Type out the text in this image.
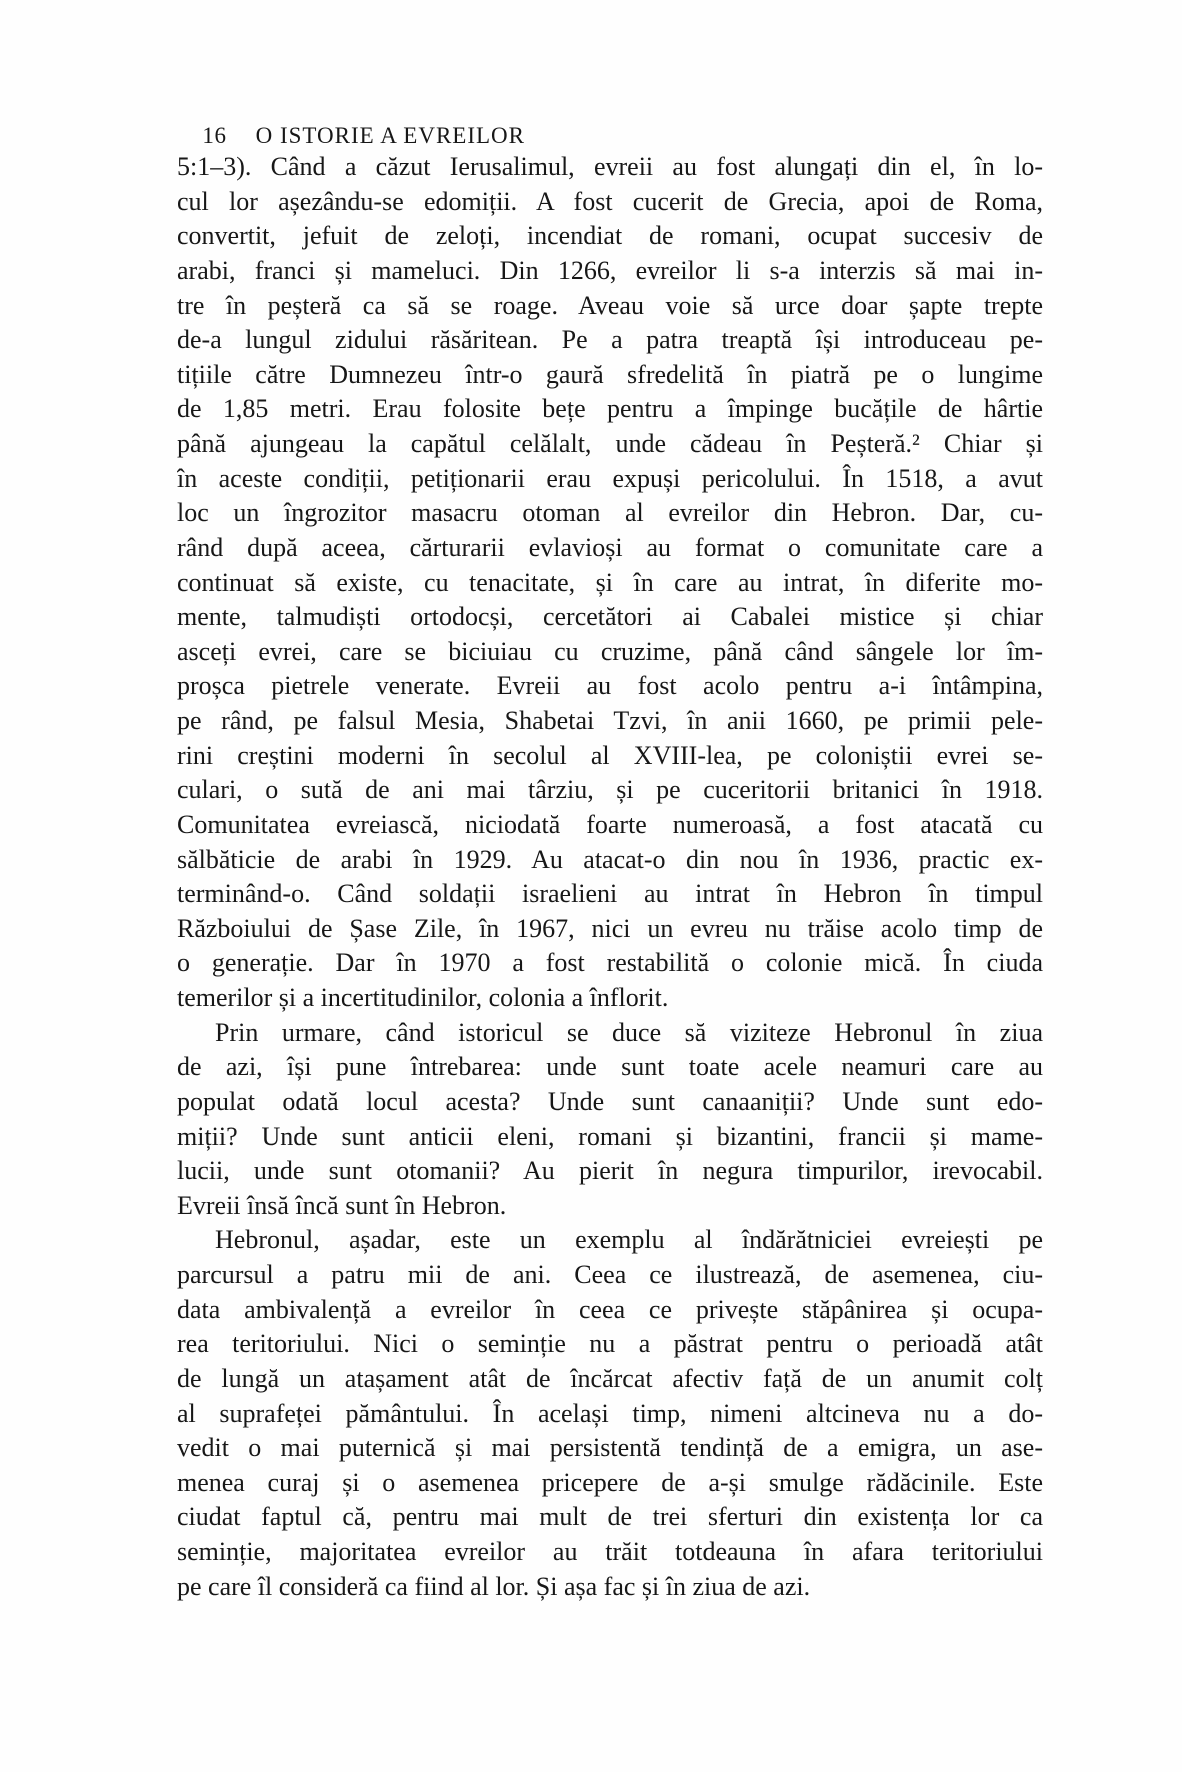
16 O ISTORIE A EVREILOR

5:1–3). Când a căzut Ierusalimul, evreii au fost alungați din el, în lo-
cul lor așezându-se edomiții. A fost cucerit de Grecia, apoi de Roma,
convertit, jefuit de zeloți, incendiat de romani, ocupat succesiv de
arabi, franci și mameluci. Din 1266, evreilor li s-a interzis să mai in-
tre în peșteră ca să se roage. Aveau voie să urce doar șapte trepte
de-a lungul zidului răsăritean. Pe a patra treaptă își introduceau pe-
tițiile către Dumnezeu într-o gaură sfredelită în piatră pe o lungime
de 1,85 metri. Erau folosite bețe pentru a împinge bucățile de hârtie
până ajungeau la capătul celălalt, unde cădeau în Peșteră.² Chiar și
în aceste condiții, petiționarii erau expuși pericolului. În 1518, a avut
loc un îngrozitor masacru otoman al evreilor din Hebron. Dar, cu-
rând după aceea, cărturarii evlavioși au format o comunitate care a
continuat să existe, cu tenacitate, și în care au intrat, în diferite mo-
mente, talmudiști ortodocși, cercetători ai Cabalei mistice și chiar
asceți evrei, care se biciuiau cu cruzime, până când sângele lor îm-
proșca pietrele venerate. Evreii au fost acolo pentru a-i întâmpina,
pe rând, pe falsul Mesia, Shabetai Tzvi, în anii 1660, pe primii pele-
rini creștini moderni în secolul al XVIII-lea, pe coloniștii evrei se-
culari, o sută de ani mai târziu, și pe cuceritorii britanici în 1918.
Comunitatea evreiască, niciodată foarte numeroasă, a fost atacată cu
sălbăticie de arabi în 1929. Au atacat-o din nou în 1936, practic ex-
terminând-o. Când soldații israelieni au intrat în Hebron în timpul
Războiului de Șase Zile, în 1967, nici un evreu nu trăise acolo timp de
o generație. Dar în 1970 a fost restabilită o colonie mică. În ciuda
temerilor și a incertitudinilor, colonia a înflorit.
Prin urmare, când istoricul se duce să viziteze Hebronul în ziua
de azi, își pune întrebarea: unde sunt toate acele neamuri care au
populat odată locul acesta? Unde sunt canaaniții? Unde sunt edo-
miții? Unde sunt anticii eleni, romani și bizantini, francii și mame-
lucii, unde sunt otomanii? Au pierit în negura timpurilor, irevocabil.
Evreii însă încă sunt în Hebron.
Hebronul, așadar, este un exemplu al îndărătniciei evreiești pe
parcursul a patru mii de ani. Ceea ce ilustrează, de asemenea, ciu-
data ambivalență a evreilor în ceea ce privește stăpânirea și ocupa-
rea teritoriului. Nici o seminție nu a păstrat pentru o perioadă atât
de lungă un atașament atât de încărcat afectiv față de un anumit colț
al suprafeței pământului. În același timp, nimeni altcineva nu a do-
vedit o mai puternică și mai persistentă tendință de a emigra, un ase-
menea curaj și o asemenea pricepere de a-și smulge rădăcinile. Este
ciudat faptul că, pentru mai mult de trei sferturi din existența lor ca
seminție, majoritatea evreilor au trăit totdeauna în afara teritoriului
pe care îl consideră ca fiind al lor. Și așa fac și în ziua de azi.
